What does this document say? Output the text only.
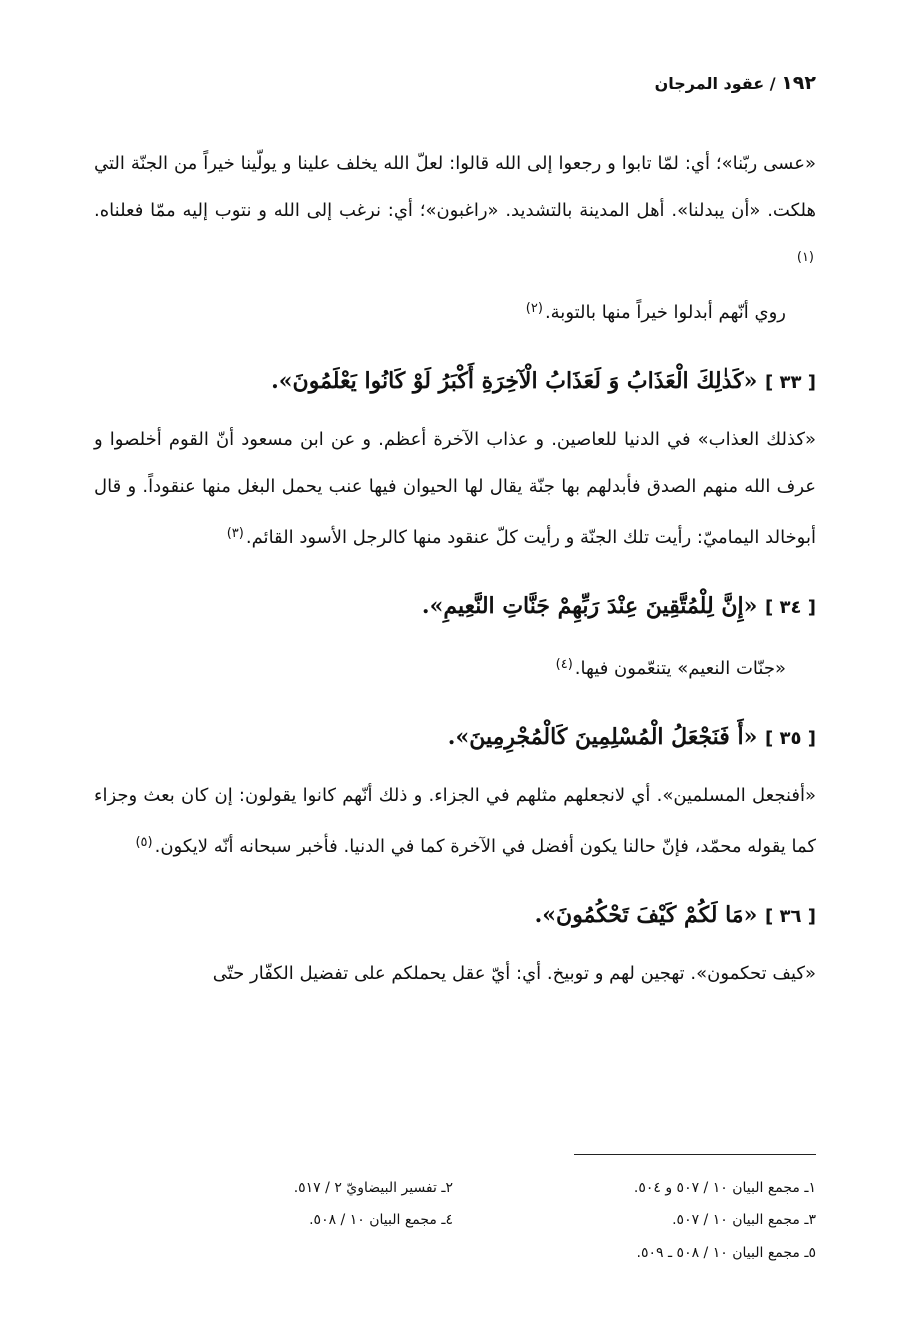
١٩٢ / عقود المرجان

«عسى ربّنا»؛ أي: لمّا تابوا و رجعوا إلى الله قالوا: لعلّ الله يخلف علينا و يولّينا خيراً من الجنّة التي هلكت. «أن يبدلنا». أهل المدينة بالتشديد. «راغبون»؛ أي: نرغب إلى الله و نتوب إليه ممّا فعلناه.$^{(١)}$

روي أنّهم أبدلوا خيراً منها بالتوبة.$^{(٢)}$

[ ٣٣ ] «كَذٰلِكَ الْعَذَابُ وَ لَعَذَابُ الْآخِرَةِ أَكْبَرُ لَوْ كَانُوا يَعْلَمُونَ».

«كذلك العذاب» في الدنيا للعاصين. و عذاب الآخرة أعظم. و عن ابن مسعود أنّ القوم أخلصوا و عرف الله منهم الصدق فأبدلهم بها جنّة يقال لها الحيوان فيها عنب يحمل البغل منها عنقوداً. و قال أبوخالد اليماميّ: رأيت تلك الجنّة و رأيت كلّ عنقود منها كالرجل الأسود القائم.$^{(٣)}$

[ ٣٤ ] «إِنَّ لِلْمُتَّقِينَ عِنْدَ رَبِّهِمْ جَنَّاتِ النَّعِيمِ».

«جنّات النعيم» يتنعّمون فيها.$^{(٤)}$

[ ٣٥ ] «أَ فَنَجْعَلُ الْمُسْلِمِينَ كَالْمُجْرِمِينَ».

«أفنجعل المسلمين». أي لانجعلهم مثلهم في الجزاء. و ذلك أنّهم كانوا يقولون: إن كان بعث وجزاء كما يقوله محمّد، فإنّ حالنا يكون أفضل في الآخرة كما في الدنيا. فأخبر سبحانه أنّه لايكون.$^{(٥)}$

[ ٣٦ ] «مَا لَكُمْ كَيْفَ تَحْكُمُونَ».

«كيف تحكمون». تهجين لهم و توبيخ. أي: أيّ عقل يحملكم على تفضيل الكفّار حتّى

١ـ مجمع البيان ١٠ / ٥٠٧ و ٥٠٤.
٢ـ تفسير البيضاويّ ٢ / ٥١٧.
٣ـ مجمع البيان ١٠ / ٥٠٧.
٤ـ مجمع البيان ١٠ / ٥٠٨.
٥ـ مجمع البيان ١٠ / ٥٠٨ ـ ٥٠٩.
